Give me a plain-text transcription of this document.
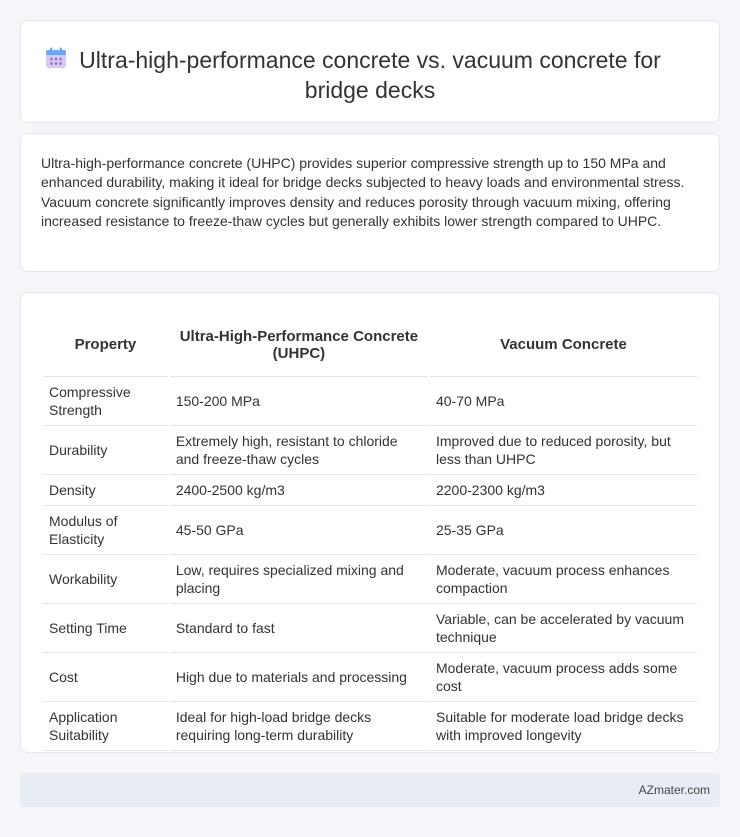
Ultra-high-performance concrete vs. vacuum concrete for bridge decks

Ultra-high-performance concrete (UHPC) provides superior compressive strength up to 150 MPa and enhanced durability, making it ideal for bridge decks subjected to heavy loads and environmental stress. Vacuum concrete significantly improves density and reduces porosity through vacuum mixing, offering increased resistance to freeze-thaw cycles but generally exhibits lower strength compared to UHPC.

Property	Ultra-High-Performance Concrete (UHPC)	Vacuum Concrete
Compressive Strength	150-200 MPa	40-70 MPa
Durability	Extremely high, resistant to chloride and freeze-thaw cycles	Improved due to reduced porosity, but less than UHPC
Density	2400-2500 kg/m3	2200-2300 kg/m3
Modulus of Elasticity	45-50 GPa	25-35 GPa
Workability	Low, requires specialized mixing and placing	Moderate, vacuum process enhances compaction
Setting Time	Standard to fast	Variable, can be accelerated by vacuum technique
Cost	High due to materials and processing	Moderate, vacuum process adds some cost
Application Suitability	Ideal for high-load bridge decks requiring long-term durability	Suitable for moderate load bridge decks with improved longevity
AZmater.com
